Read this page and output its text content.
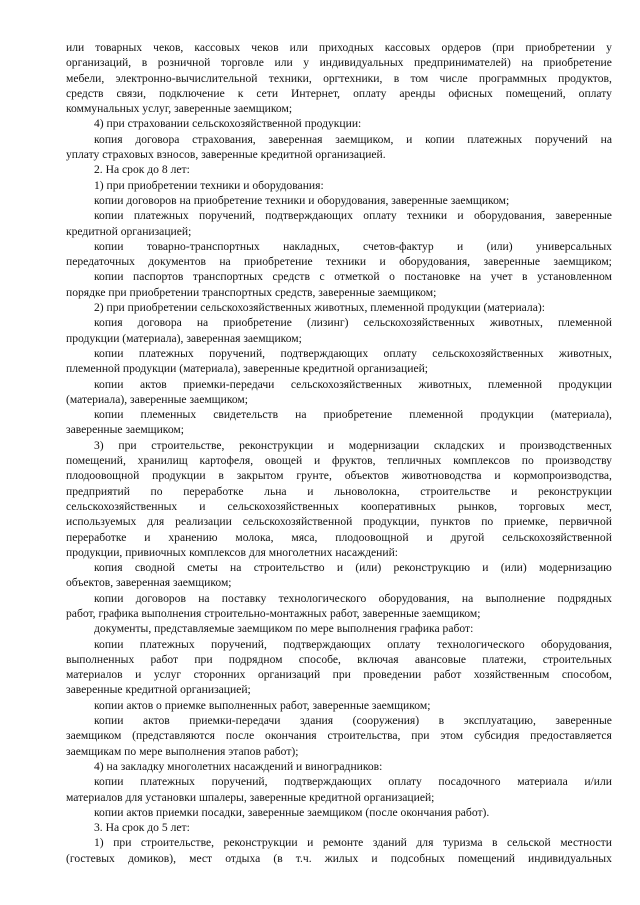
или товарных чеков, кассовых чеков или приходных кассовых ордеров (при приобретении у
организаций, в розничной торговле или у индивидуальных предпринимателей) на приобретение
мебели, электронно-вычислительной техники, оргтехники, в том числе программных продуктов,
средств связи, подключение к сети Интернет, оплату аренды офисных помещений, оплату
коммунальных услуг, заверенные заемщиком;
4) при страховании сельскохозяйственной продукции:
копия договора страхования, заверенная заемщиком, и копии платежных поручений на
уплату страховых взносов, заверенные кредитной организацией.
2. На срок до 8 лет:
1) при приобретении техники и оборудования:
копии договоров на приобретение техники и оборудования, заверенные заемщиком;
копии платежных поручений, подтверждающих оплату техники и оборудования, заверенные
кредитной организацией;
копии товарно-транспортных накладных, счетов-фактур и (или) универсальных
передаточных документов на приобретение техники и оборудования, заверенные заемщиком;
копии паспортов транспортных средств с отметкой о постановке на учет в установленном
порядке при приобретении транспортных средств, заверенные заемщиком;
2) при приобретении сельскохозяйственных животных, племенной продукции (материала):
копия договора на приобретение (лизинг) сельскохозяйственных животных, племенной
продукции (материала), заверенная заемщиком;
копии платежных поручений, подтверждающих оплату сельскохозяйственных животных,
племенной продукции (материала), заверенные кредитной организацией;
копии актов приемки-передачи сельскохозяйственных животных, племенной продукции
(материала), заверенные заемщиком;
копии племенных свидетельств на приобретение племенной продукции (материала),
заверенные заемщиком;
3) при строительстве, реконструкции и модернизации складских и производственных
помещений, хранилищ картофеля, овощей и фруктов, тепличных комплексов по производству
плодоовощной продукции в закрытом грунте, объектов животноводства и кормопроизводства,
предприятий по переработке льна и льноволокна, строительстве и реконструкции
сельскохозяйственных и сельскохозяйственных кооперативных рынков, торговых мест,
используемых для реализации сельскохозяйственной продукции, пунктов по приемке, первичной
переработке и хранению молока, мяса, плодоовощной и другой сельскохозяйственной
продукции, привиочных комплексов для многолетних насаждений:
копия сводной сметы на строительство и (или) реконструкцию и (или) модернизацию
объектов, заверенная заемщиком;
копии договоров на поставку технологического оборудования, на выполнение подрядных
работ, графика выполнения строительно-монтажных работ, заверенные заемщиком;
документы, представляемые заемщиком по мере выполнения графика работ:
копии платежных поручений, подтверждающих оплату технологического оборудования,
выполненных работ при подрядном способе, включая авансовые платежи, строительных
материалов и услуг сторонних организаций при проведении работ хозяйственным способом,
заверенные кредитной организацией;
копии актов о приемке выполненных работ, заверенные заемщиком;
копии актов приемки-передачи здания (сооружения) в эксплуатацию, заверенные
заемщиком (представляются после окончания строительства, при этом субсидия предоставляется
заемщикам по мере выполнения этапов работ);
4) на закладку многолетних насаждений и виноградников:
копии платежных поручений, подтверждающих оплату посадочного материала и/или
материалов для установки шпалеры, заверенные кредитной организацией;
копии актов приемки посадки, заверенные заемщиком (после окончания работ).
3. На срок до 5 лет:
1) при строительстве, реконструкции и ремонте зданий для туризма в сельской местности
(гостевых домиков), мест отдыха (в т.ч. жилых и подсобных помещений индивидуальных
